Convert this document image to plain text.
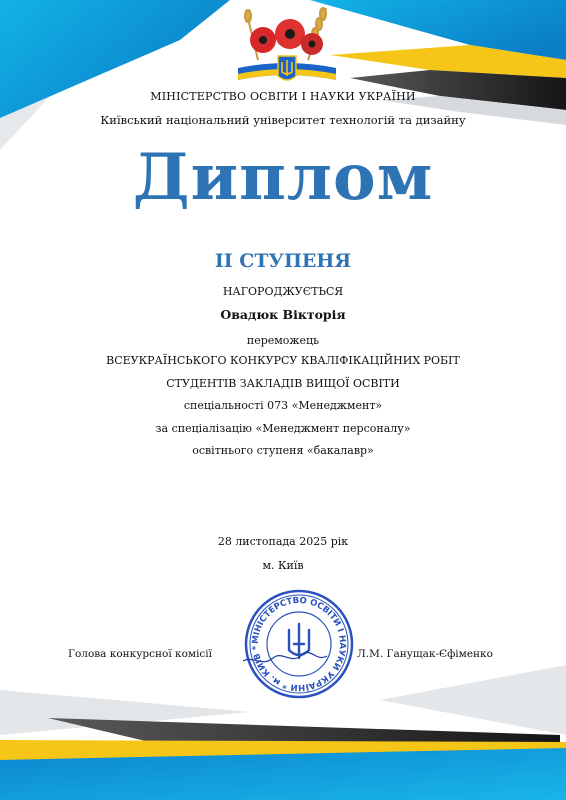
МІНІСТЕРСТВО ОСВІТИ І НАУКИ УКРАЇНИ

Київський національний університет технологій та дизайну

Диплом

ІІ СТУПЕНЯ

НАГОРОДЖУЄТЬСЯ

Овадюк Вікторія

переможець

ВСЕУКРАЇНСЬКОГО КОНКУРСУ КВАЛІФІКАЦІЙНИХ РОБІТ

СТУДЕНТІВ ЗАКЛАДІВ ВИЩОЇ ОСВІТИ

спеціальності 073 «Менеджмент»

за спеціалізацію «Менеджмент персоналу»

освітнього ступеня «бакалавр»

28 листопада 2025 рік

м. Київ

Голова конкурсної комісії

МІНІСТЕРСТВО ОСВІТИ І НАУКИ УКРАЇНИ * м. КИЇВ *

Л.М. Ганущак-Єфіменко
